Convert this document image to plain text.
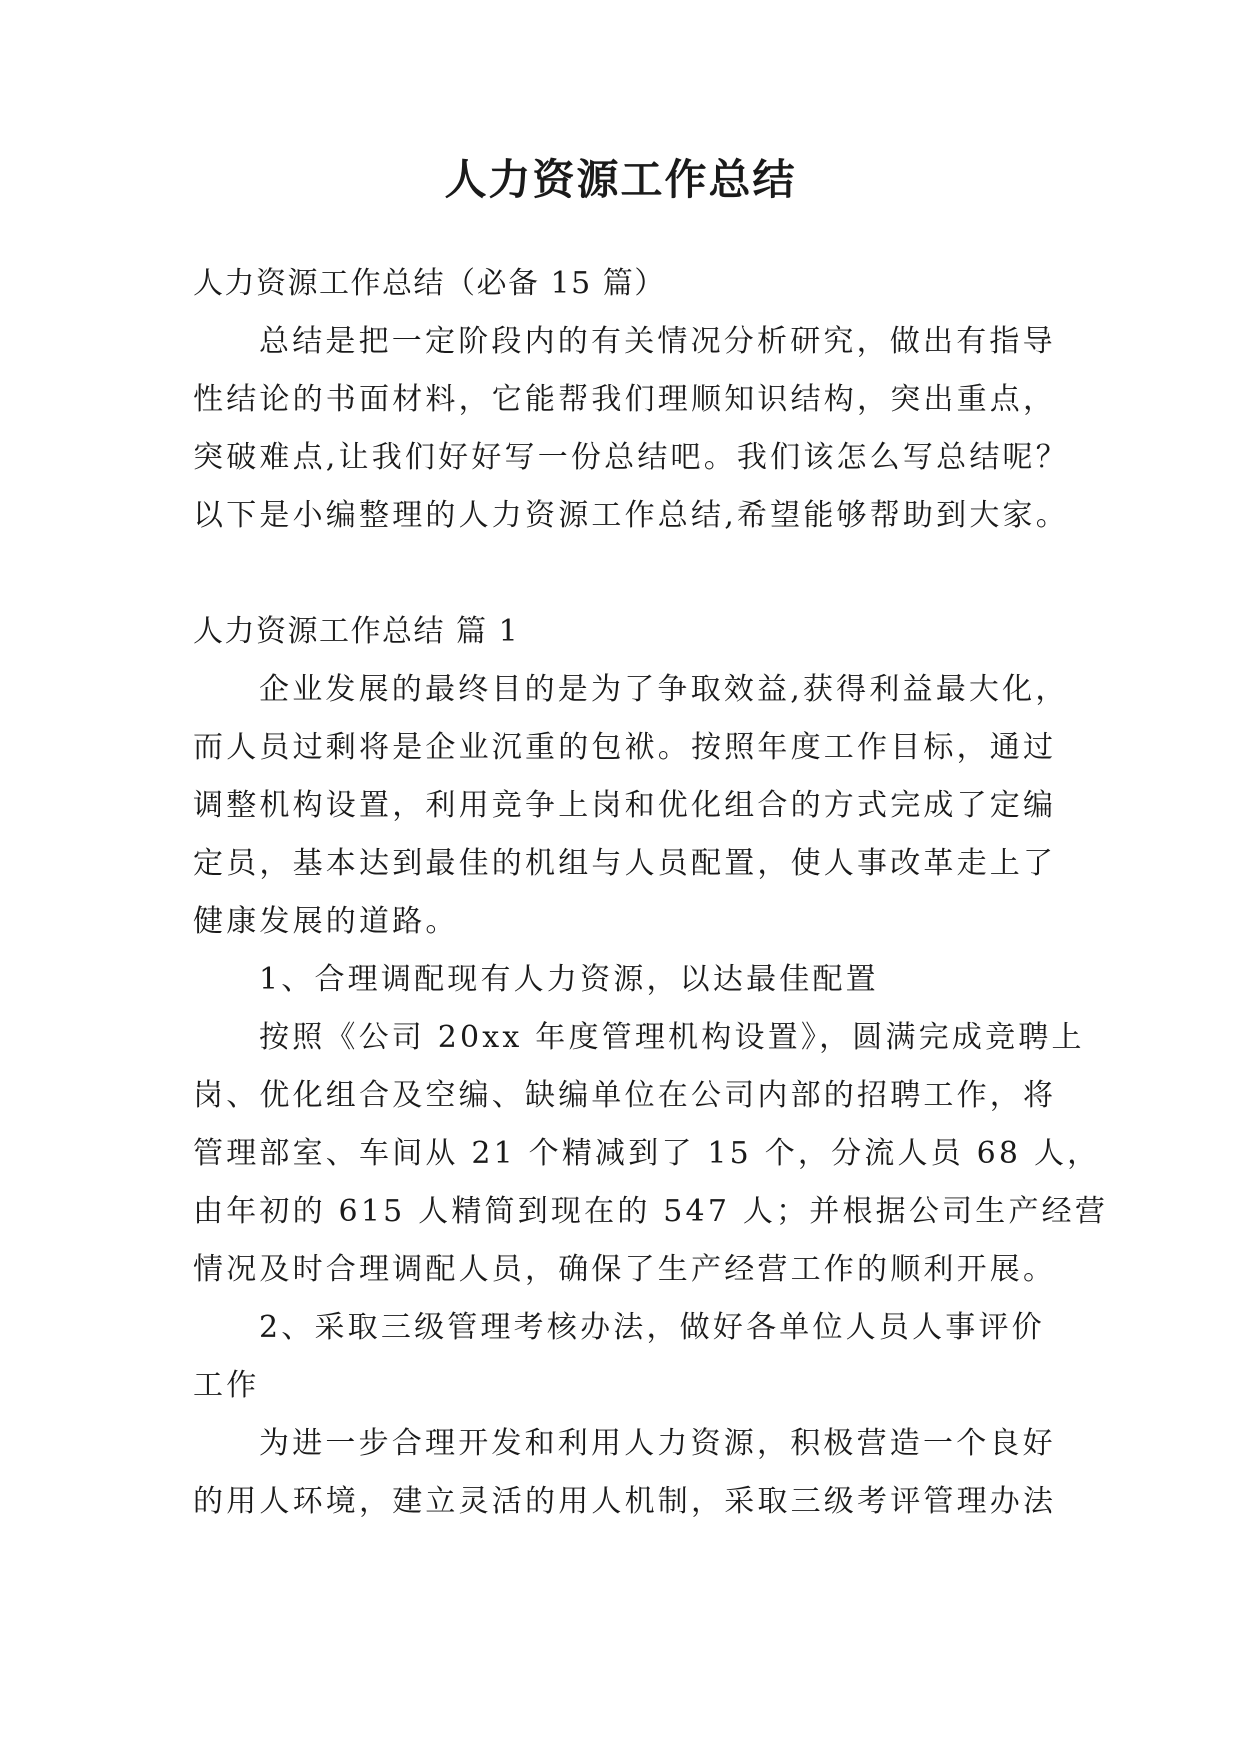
人力资源工作总结

人力资源工作总结（必备 15 篇）

总结是把一定阶段内的有关情况分析研究，做出有指导

性结论的书面材料，它能帮我们理顺知识结构，突出重点，

突破难点,让我们好好写一份总结吧。我们该怎么写总结呢？

以下是小编整理的人力资源工作总结,希望能够帮助到大家。

人力资源工作总结 篇 1

企业发展的最终目的是为了争取效益,获得利益最大化，

而人员过剩将是企业沉重的包袱。按照年度工作目标，通过

调整机构设置，利用竞争上岗和优化组合的方式完成了定编

定员，基本达到最佳的机组与人员配置，使人事改革走上了

健康发展的道路。

1、合理调配现有人力资源，以达最佳配置

按照《公司 20xx 年度管理机构设置》，圆满完成竞聘上

岗、优化组合及空编、缺编单位在公司内部的招聘工作，将

管理部室、车间从 21 个精减到了 15 个，分流人员 68 人，

由年初的 615 人精简到现在的 547 人；并根据公司生产经营

情况及时合理调配人员，确保了生产经营工作的顺利开展。

2、采取三级管理考核办法，做好各单位人员人事评价

工作

为进一步合理开发和利用人力资源，积极营造一个良好

的用人环境，建立灵活的用人机制，采取三级考评管理办法
